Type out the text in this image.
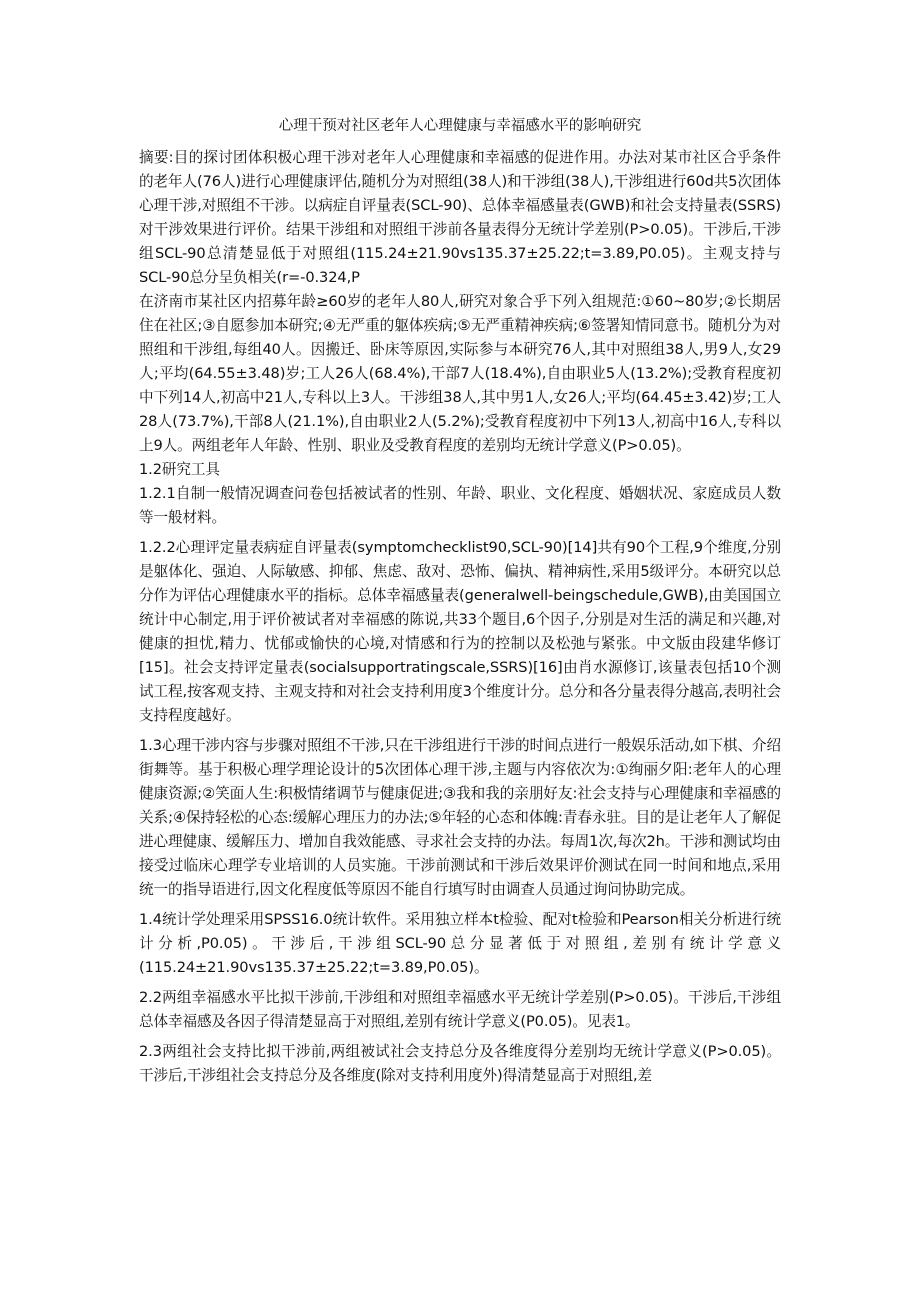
心理干预对社区老年人心理健康与幸福感水平的影响研究

摘要:目的探讨团体积极心理干涉对老年人心理健康和幸福感的促进作用。办法对某市社区合乎条件的老年人(76人)进行心理健康评估,随机分为对照组(38人)和干涉组(38人),干涉组进行60d共5次团体心理干涉,对照组不干涉。以病症自评量表(SCL-90)、总体幸福感量表(GWB)和社会支持量表(SSRS)对干涉效果进行评价。结果干涉组和对照组干涉前各量表得分无统计学差别(P>0.05)。干涉后,干涉组SCL-90总清楚显低于对照组(115.24±21.90vs135.37±25.22;t=3.89,P0.05)。主观支持与SCL-90总分呈负相关(r=-0.324,P

在济南市某社区内招募年龄≥60岁的老年人80人,研究对象合乎下列入组规范:①60~80岁;②长期居住在社区;③自愿参加本研究;④无严重的躯体疾病;⑤无严重精神疾病;⑥签署知情同意书。随机分为对照组和干涉组,每组40人。因搬迁、卧床等原因,实际参与本研究76人,其中对照组38人,男9人,女29人;平均(64.55±3.48)岁;工人26人(68.4%),干部7人(18.4%),自由职业5人(13.2%);受教育程度初中下列14人,初高中21人,专科以上3人。干涉组38人,其中男1人,女26人;平均(64.45±3.42)岁;工人28人(73.7%),干部8人(21.1%),自由职业2人(5.2%);受教育程度初中下列13人,初高中16人,专科以上9人。两组老年人年龄、性别、职业及受教育程度的差别均无统计学意义(P>0.05)。

1.2研究工具

1.2.1自制一般情况调查问卷包括被试者的性别、年龄、职业、文化程度、婚姻状况、家庭成员人数等一般材料。

1.2.2心理评定量表病症自评量表(symptomchecklist90,SCL-90)[14]共有90个工程,9个维度,分别是躯体化、强迫、人际敏感、抑郁、焦虑、敌对、恐怖、偏执、精神病性,采用5级评分。本研究以总分作为评估心理健康水平的指标。总体幸福感量表(generalwell-beingschedule,GWB),由美国国立统计中心制定,用于评价被试者对幸福感的陈说,共33个题目,6个因子,分别是对生活的满足和兴趣,对健康的担忧,精力、忧郁或愉快的心境,对情感和行为的控制以及松弛与紧张。中文版由段建华修订[15]。社会支持评定量表(socialsupportratingscale,SSRS)[16]由肖水源修订,该量表包括10个测试工程,按客观支持、主观支持和对社会支持利用度3个维度计分。总分和各分量表得分越高,表明社会支持程度越好。

1.3心理干涉内容与步骤对照组不干涉,只在干涉组进行干涉的时间点进行一般娱乐活动,如下棋、介绍街舞等。基于积极心理学理论设计的5次团体心理干涉,主题与内容依次为:①绚丽夕阳:老年人的心理健康资源;②笑面人生:积极情绪调节与健康促进;③我和我的亲朋好友:社会支持与心理健康和幸福感的关系;④保持轻松的心态:缓解心理压力的办法;⑤年轻的心态和体魄:青春永驻。目的是让老年人了解促进心理健康、缓解压力、增加自我效能感、寻求社会支持的办法。每周1次,每次2h。干涉和测试均由接受过临床心理学专业培训的人员实施。干涉前测试和干涉后效果评价测试在同一时间和地点,采用统一的指导语进行,因文化程度低等原因不能自行填写时由调查人员通过询问协助完成。

1.4统计学处理采用SPSS16.0统计软件。采用独立样本t检验、配对t检验和Pearson相关分析进行统计分析,P0.05)。干涉后,干涉组SCL-90总分显著低于对照组,差别有统计学意义(115.24±21.90vs135.37±25.22;t=3.89,P0.05)。

2.2两组幸福感水平比拟干涉前,干涉组和对照组幸福感水平无统计学差别(P>0.05)。干涉后,干涉组总体幸福感及各因子得清楚显高于对照组,差别有统计学意义(P0.05)。见表1。

2.3两组社会支持比拟干涉前,两组被试社会支持总分及各维度得分差别均无统计学意义(P>0.05)。干涉后,干涉组社会支持总分及各维度(除对支持利用度外)得清楚显高于对照组,差
